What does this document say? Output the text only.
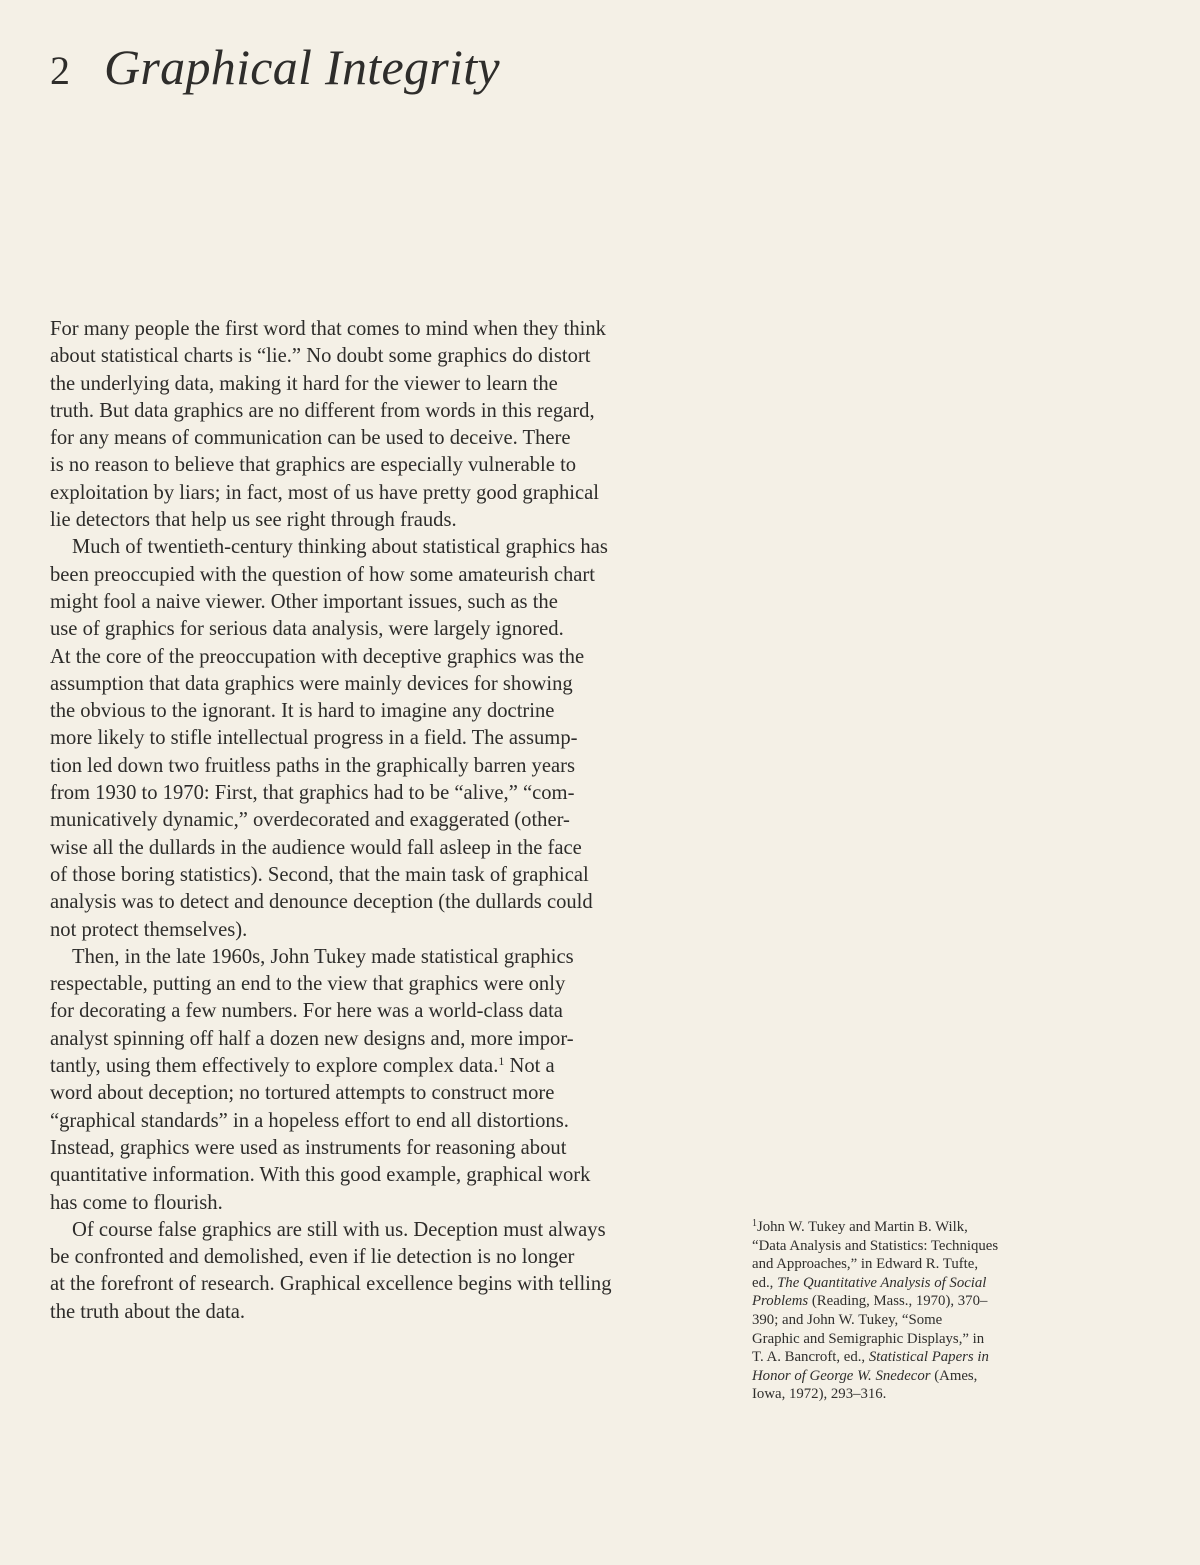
2 Graphical Integrity

For many people the first word that comes to mind when they think
about statistical charts is “lie.” No doubt some graphics do distort
the underlying data, making it hard for the viewer to learn the
truth. But data graphics are no different from words in this regard,
for any means of communication can be used to deceive. There
is no reason to believe that graphics are especially vulnerable to
exploitation by liars; in fact, most of us have pretty good graphical
lie detectors that help us see right through frauds.

Much of twentieth-century thinking about statistical graphics has
been preoccupied with the question of how some amateurish chart
might fool a naive viewer. Other important issues, such as the
use of graphics for serious data analysis, were largely ignored.
At the core of the preoccupation with deceptive graphics was the
assumption that data graphics were mainly devices for showing
the obvious to the ignorant. It is hard to imagine any doctrine
more likely to stifle intellectual progress in a field. The assump-
tion led down two fruitless paths in the graphically barren years
from 1930 to 1970: First, that graphics had to be “alive,” “com-
municatively dynamic,” overdecorated and exaggerated (other-
wise all the dullards in the audience would fall asleep in the face
of those boring statistics). Second, that the main task of graphical
analysis was to detect and denounce deception (the dullards could
not protect themselves).

Then, in the late 1960s, John Tukey made statistical graphics
respectable, putting an end to the view that graphics were only
for decorating a few numbers. For here was a world-class data
analyst spinning off half a dozen new designs and, more impor-
tantly, using them effectively to explore complex data.$^1$ Not a
word about deception; no tortured attempts to construct more
“graphical standards” in a hopeless effort to end all distortions.
Instead, graphics were used as instruments for reasoning about
quantitative information. With this good example, graphical work
has come to flourish.

Of course false graphics are still with us. Deception must always
be confronted and demolished, even if lie detection is no longer
at the forefront of research. Graphical excellence begins with telling
the truth about the data.

$^1$John W. Tukey and Martin B. Wilk,
“Data Analysis and Statistics: Techniques
and Approaches,” in Edward R. Tufte,
ed., The Quantitative Analysis of Social
Problems (Reading, Mass., 1970), 370–
390; and John W. Tukey, “Some
Graphic and Semigraphic Displays,” in
T. A. Bancroft, ed., Statistical Papers in
Honor of George W. Snedecor (Ames,
Iowa, 1972), 293–316.
